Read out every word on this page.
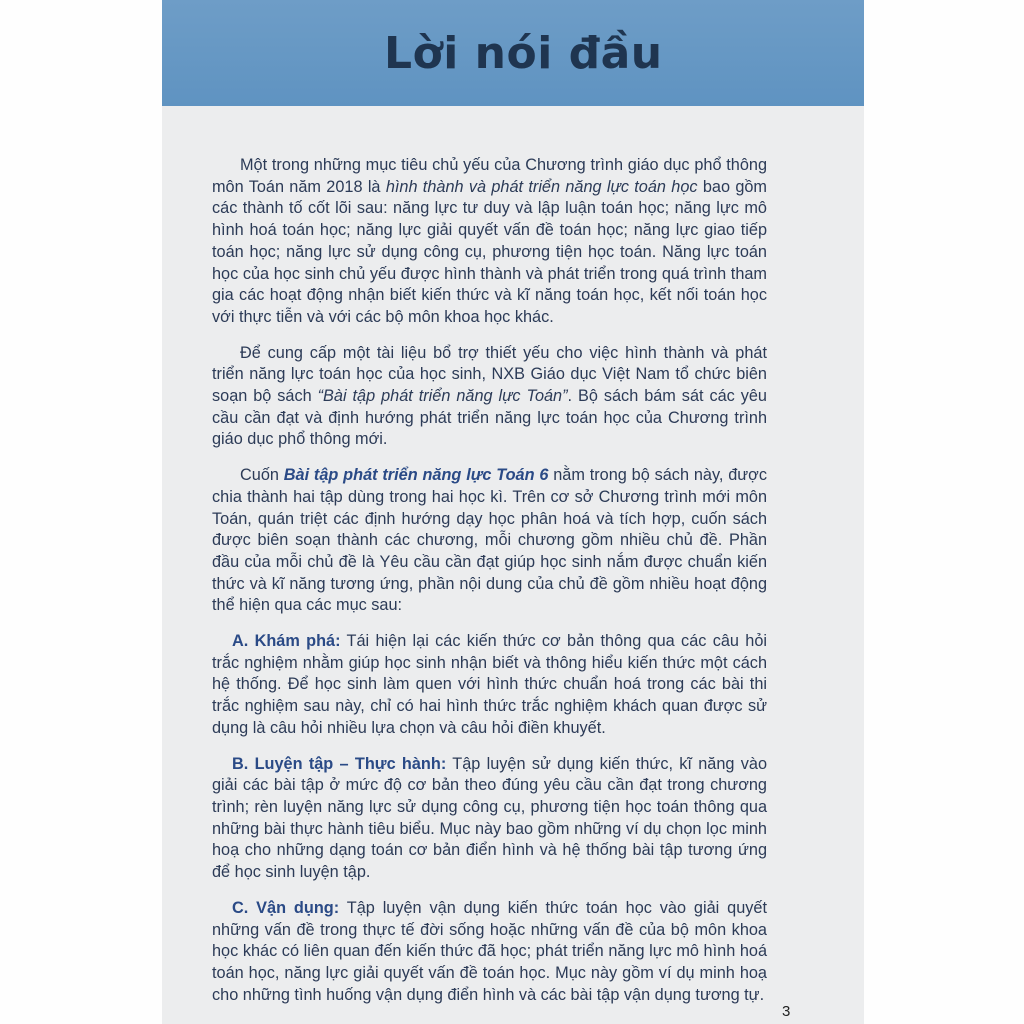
Lời nói đầu

Một trong những mục tiêu chủ yếu của Chương trình giáo dục phổ thông môn Toán năm 2018 là hình thành và phát triển năng lực toán học bao gồm các thành tố cốt lõi sau: năng lực tư duy và lập luận toán học; năng lực mô hình hoá toán học; năng lực giải quyết vấn đề toán học; năng lực giao tiếp toán học; năng lực sử dụng công cụ, phương tiện học toán. Năng lực toán học của học sinh chủ yếu được hình thành và phát triển trong quá trình tham gia các hoạt động nhận biết kiến thức và kĩ năng toán học, kết nối toán học với thực tiễn và với các bộ môn khoa học khác.

Để cung cấp một tài liệu bổ trợ thiết yếu cho việc hình thành và phát triển năng lực toán học của học sinh, NXB Giáo dục Việt Nam tổ chức biên soạn bộ sách “Bài tập phát triển năng lực Toán”. Bộ sách bám sát các yêu cầu cần đạt và định hướng phát triển năng lực toán học của Chương trình giáo dục phổ thông mới.

Cuốn Bài tập phát triển năng lực Toán 6 nằm trong bộ sách này, được chia thành hai tập dùng trong hai học kì. Trên cơ sở Chương trình mới môn Toán, quán triệt các định hướng dạy học phân hoá và tích hợp, cuốn sách được biên soạn thành các chương, mỗi chương gồm nhiều chủ đề. Phần đầu của mỗi chủ đề là Yêu cầu cần đạt giúp học sinh nắm được chuẩn kiến thức và kĩ năng tương ứng, phần nội dung của chủ đề gồm nhiều hoạt động thể hiện qua các mục sau:

A. Khám phá: Tái hiện lại các kiến thức cơ bản thông qua các câu hỏi trắc nghiệm nhằm giúp học sinh nhận biết và thông hiểu kiến thức một cách hệ thống. Để học sinh làm quen với hình thức chuẩn hoá trong các bài thi trắc nghiệm sau này, chỉ có hai hình thức trắc nghiệm khách quan được sử dụng là câu hỏi nhiều lựa chọn và câu hỏi điền khuyết.

B. Luyện tập – Thực hành: Tập luyện sử dụng kiến thức, kĩ năng vào giải các bài tập ở mức độ cơ bản theo đúng yêu cầu cần đạt trong chương trình; rèn luyện năng lực sử dụng công cụ, phương tiện học toán thông qua những bài thực hành tiêu biểu. Mục này bao gồm những ví dụ chọn lọc minh hoạ cho những dạng toán cơ bản điển hình và hệ thống bài tập tương ứng để học sinh luyện tập.

C. Vận dụng: Tập luyện vận dụng kiến thức toán học vào giải quyết những vấn đề trong thực tế đời sống hoặc những vấn đề của bộ môn khoa học khác có liên quan đến kiến thức đã học; phát triển năng lực mô hình hoá toán học, năng lực giải quyết vấn đề toán học. Mục này gồm ví dụ minh hoạ cho những tình huống vận dụng điển hình và các bài tập vận dụng tương tự.

3
